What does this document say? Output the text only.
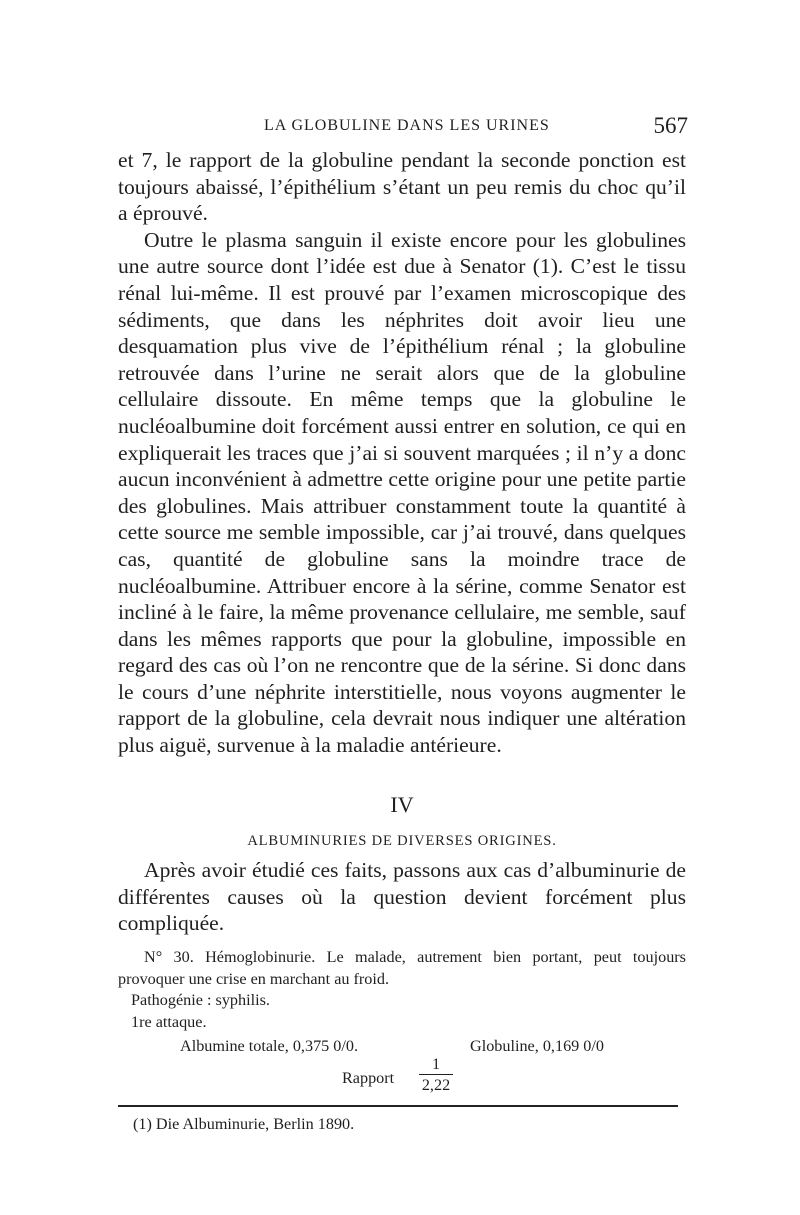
LA GLOBULINE DANS LES URINES	567

et 7, le rapport de la globuline pendant la seconde ponction est toujours abaissé, l’épithélium s’étant un peu remis du choc qu’il a éprouvé.

Outre le plasma sanguin il existe encore pour les globulines une autre source dont l’idée est due à Senator (1). C’est le tissu rénal lui-même. Il est prouvé par l’examen microscopique des sédiments, que dans les néphrites doit avoir lieu une desquamation plus vive de l’épithélium rénal ; la globuline retrouvée dans l’urine ne serait alors que de la globuline cellulaire dissoute. En même temps que la globuline le nucléoalbumine doit forcément aussi entrer en solution, ce qui en expliquerait les traces que j’ai si souvent marquées ; il n’y a donc aucun inconvénient à admettre cette origine pour une petite partie des globulines. Mais attribuer constamment toute la quantité à cette source me semble impossible, car j’ai trouvé, dans quelques cas, quantité de globuline sans la moindre trace de nucléoalbumine. Attribuer encore à la sérine, comme Senator est incliné à le faire, la même provenance cellulaire, me semble, sauf dans les mêmes rapports que pour la globuline, impossible en regard des cas où l’on ne rencontre que de la sérine. Si donc dans le cours d’une néphrite interstitielle, nous voyons augmenter le rapport de la globuline, cela devrait nous indiquer une altération plus aiguë, survenue à la maladie antérieure.

IV
ALBUMINURIES DE DIVERSES ORIGINES.
Après avoir étudié ces faits, passons aux cas d’albuminurie de différentes causes où la question devient forcément plus compliquée.

N° 30. Hémoglobinurie. Le malade, autrement bien portant, peut toujours provoquer une crise en marchant au froid.

Pathogénie : syphilis.

1re attaque.

Albumine totale, 0,375 0/0.	Globuline, 0,169 0/0
Rapport
1
2,22
(1) Die Albuminurie, Berlin 1890.
